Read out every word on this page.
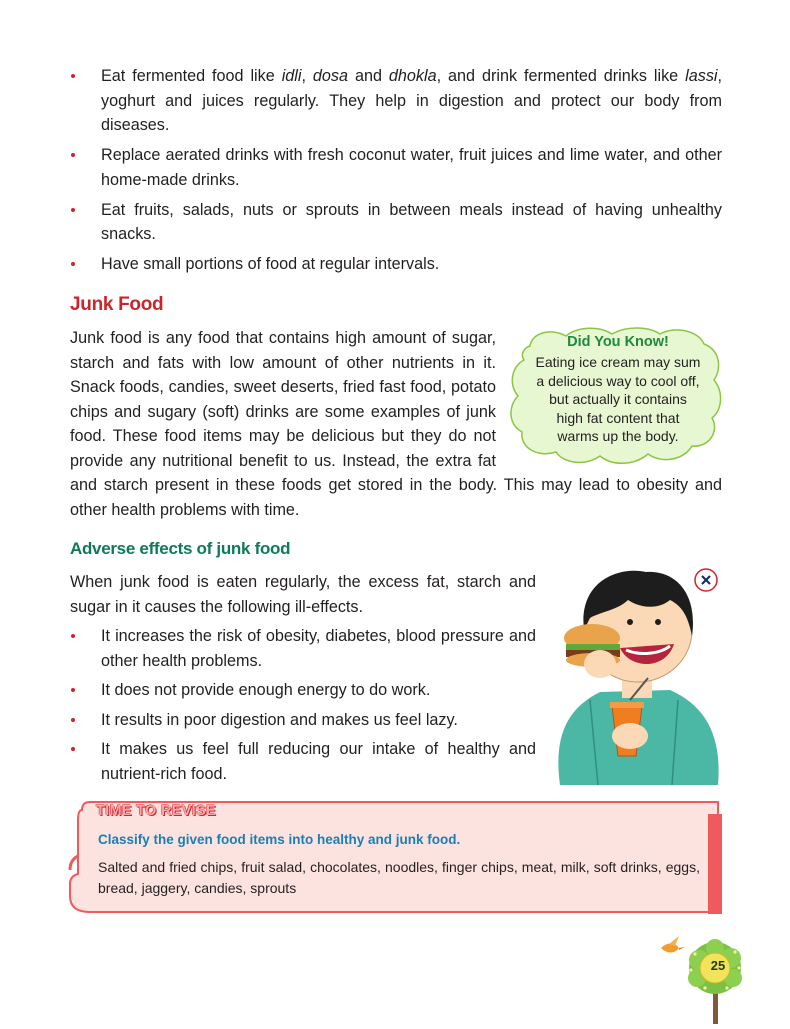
Eat fermented food like idli, dosa and dhokla, and drink fermented drinks like lassi, yoghurt and juices regularly. They help in digestion and protect our body from diseases.
Replace aerated drinks with fresh coconut water, fruit juices and lime water, and other home-made drinks.
Eat fruits, salads, nuts or sprouts in between meals instead of having unhealthy snacks.
Have small portions of food at regular intervals.
Junk Food

Junk food is any food that contains high amount of sugar, starch and fats with low amount of other nutrients in it. Snack foods, candies, sweet deserts, fried fast food, potato chips and sugary (soft) drinks are some examples of junk food. These food items may be delicious but they do not provide any nutritional benefit to us. Instead, the extra fat and starch present in these foods get stored in the body. This may lead to obesity and other health problems with time.

Did You Know!
Eating ice cream may sum
a delicious way to cool off,
but actually it contains
high fat content that
warms up the body.
Adverse effects of junk food

When junk food is eaten regularly, the excess fat, starch and sugar in it causes the following ill-effects.

It increases the risk of obesity, diabetes, blood pressure and other health problems.
It does not provide enough energy to do work.
It results in poor digestion and makes us feel lazy.
It makes us feel full reducing our intake of healthy and nutrient-rich food.
TIME TO REVISE

Classify the given food items into healthy and junk food.

Salted and fried chips, fruit salad, chocolates, noodles, finger chips, meat, milk, soft drinks, eggs, bread, jaggery, candies, sprouts

25
